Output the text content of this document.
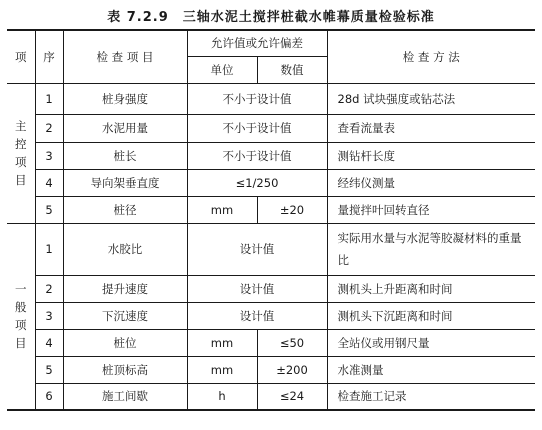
表 7.2.9 三轴水泥土搅拌桩截水帷幕质量检验标准
项	序	检 查 项 目	允许值或允许偏差		检 查 方 法
			单位	数值	
主控项目	1	桩身强度	不小于设计值		28d 试块强度或钻芯法
	2	水泥用量	不小于设计值		查看流量表
	3	桩长	不小于设计值		测钻杆长度
	4	导向架垂直度	≤1/250		经纬仪测量
	5	桩径	mm	±20	量搅拌叶回转直径
一般项目	1	水胶比	设计值		实际用水量与水泥等胶凝材料的重量比
	2	提升速度	设计值		测机头上升距离和时间
	3	下沉速度	设计值		测机头下沉距离和时间
	4	桩位	mm	≤50	全站仪或用钢尺量
	5	桩顶标高	mm	±200	水准测量
	6	施工间歇	h	≤24	检查施工记录
